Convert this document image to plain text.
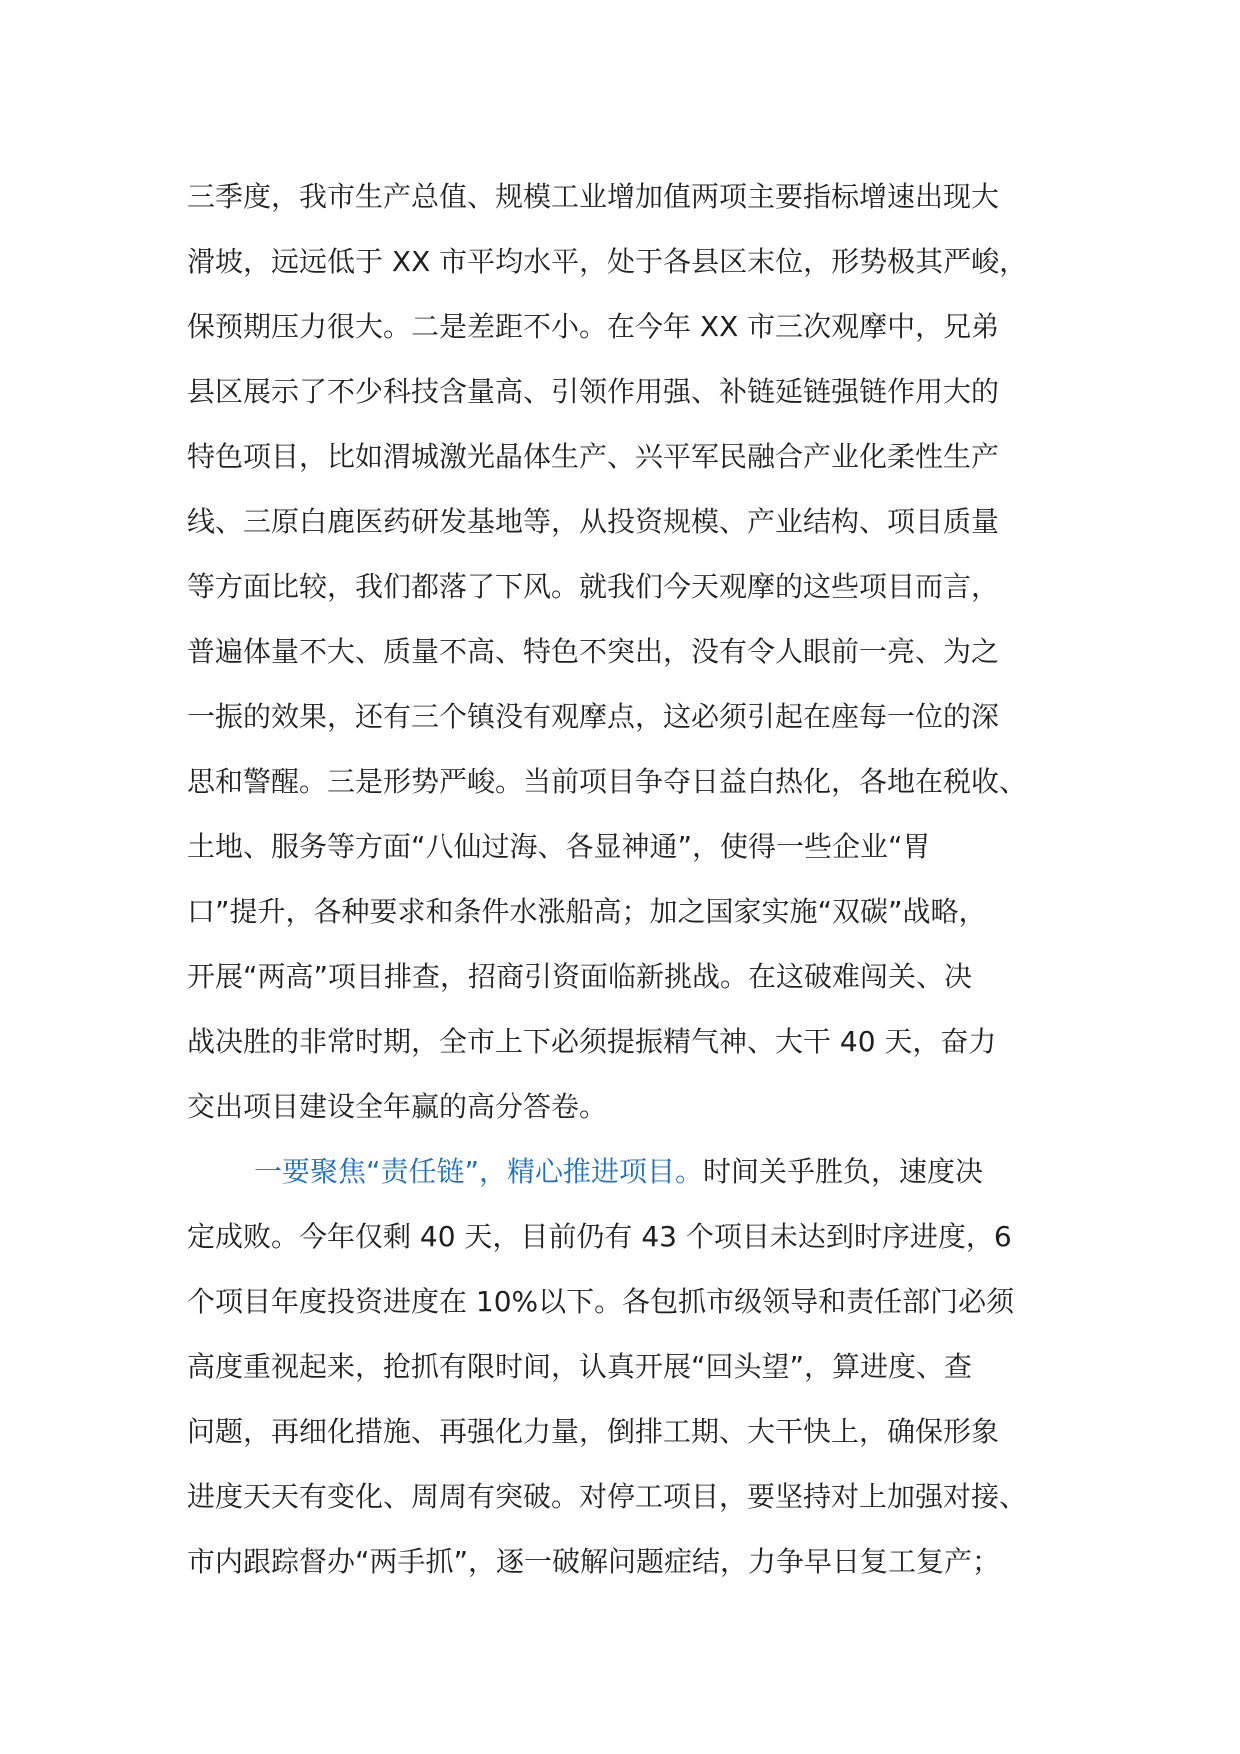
三季度，我市生产总值、规模工业增加值两项主要指标增速出现大
滑坡，远远低于 XX 市平均水平，处于各县区末位，形势极其严峻，
保预期压力很大。二是差距不小。在今年 XX 市三次观摩中，兄弟
县区展示了不少科技含量高、引领作用强、补链延链强链作用大的
特色项目，比如渭城激光晶体生产、兴平军民融合产业化柔性生产
线、三原白鹿医药研发基地等，从投资规模、产业结构、项目质量
等方面比较，我们都落了下风。就我们今天观摩的这些项目而言，
普遍体量不大、质量不高、特色不突出，没有令人眼前一亮、为之
一振的效果，还有三个镇没有观摩点，这必须引起在座每一位的深
思和警醒。三是形势严峻。当前项目争夺日益白热化，各地在税收、
土地、服务等方面“八仙过海、各显神通”，使得一些企业“胃
口”提升，各种要求和条件水涨船高；加之国家实施“双碳”战略，
开展“两高”项目排查，招商引资面临新挑战。在这破难闯关、决
战决胜的非常时期，全市上下必须提振精气神、大干 40 天，奋力
交出项目建设全年赢的高分答卷。
一要聚焦“责任链”，精心推进项目。时间关乎胜负，速度决
定成败。今年仅剩 40 天，目前仍有 43 个项目未达到时序进度，6
个项目年度投资进度在 10%以下。各包抓市级领导和责任部门必须
高度重视起来，抢抓有限时间，认真开展“回头望”，算进度、查
问题，再细化措施、再强化力量，倒排工期、大干快上，确保形象
进度天天有变化、周周有突破。对停工项目，要坚持对上加强对接、
市内跟踪督办“两手抓”，逐一破解问题症结，力争早日复工复产；
